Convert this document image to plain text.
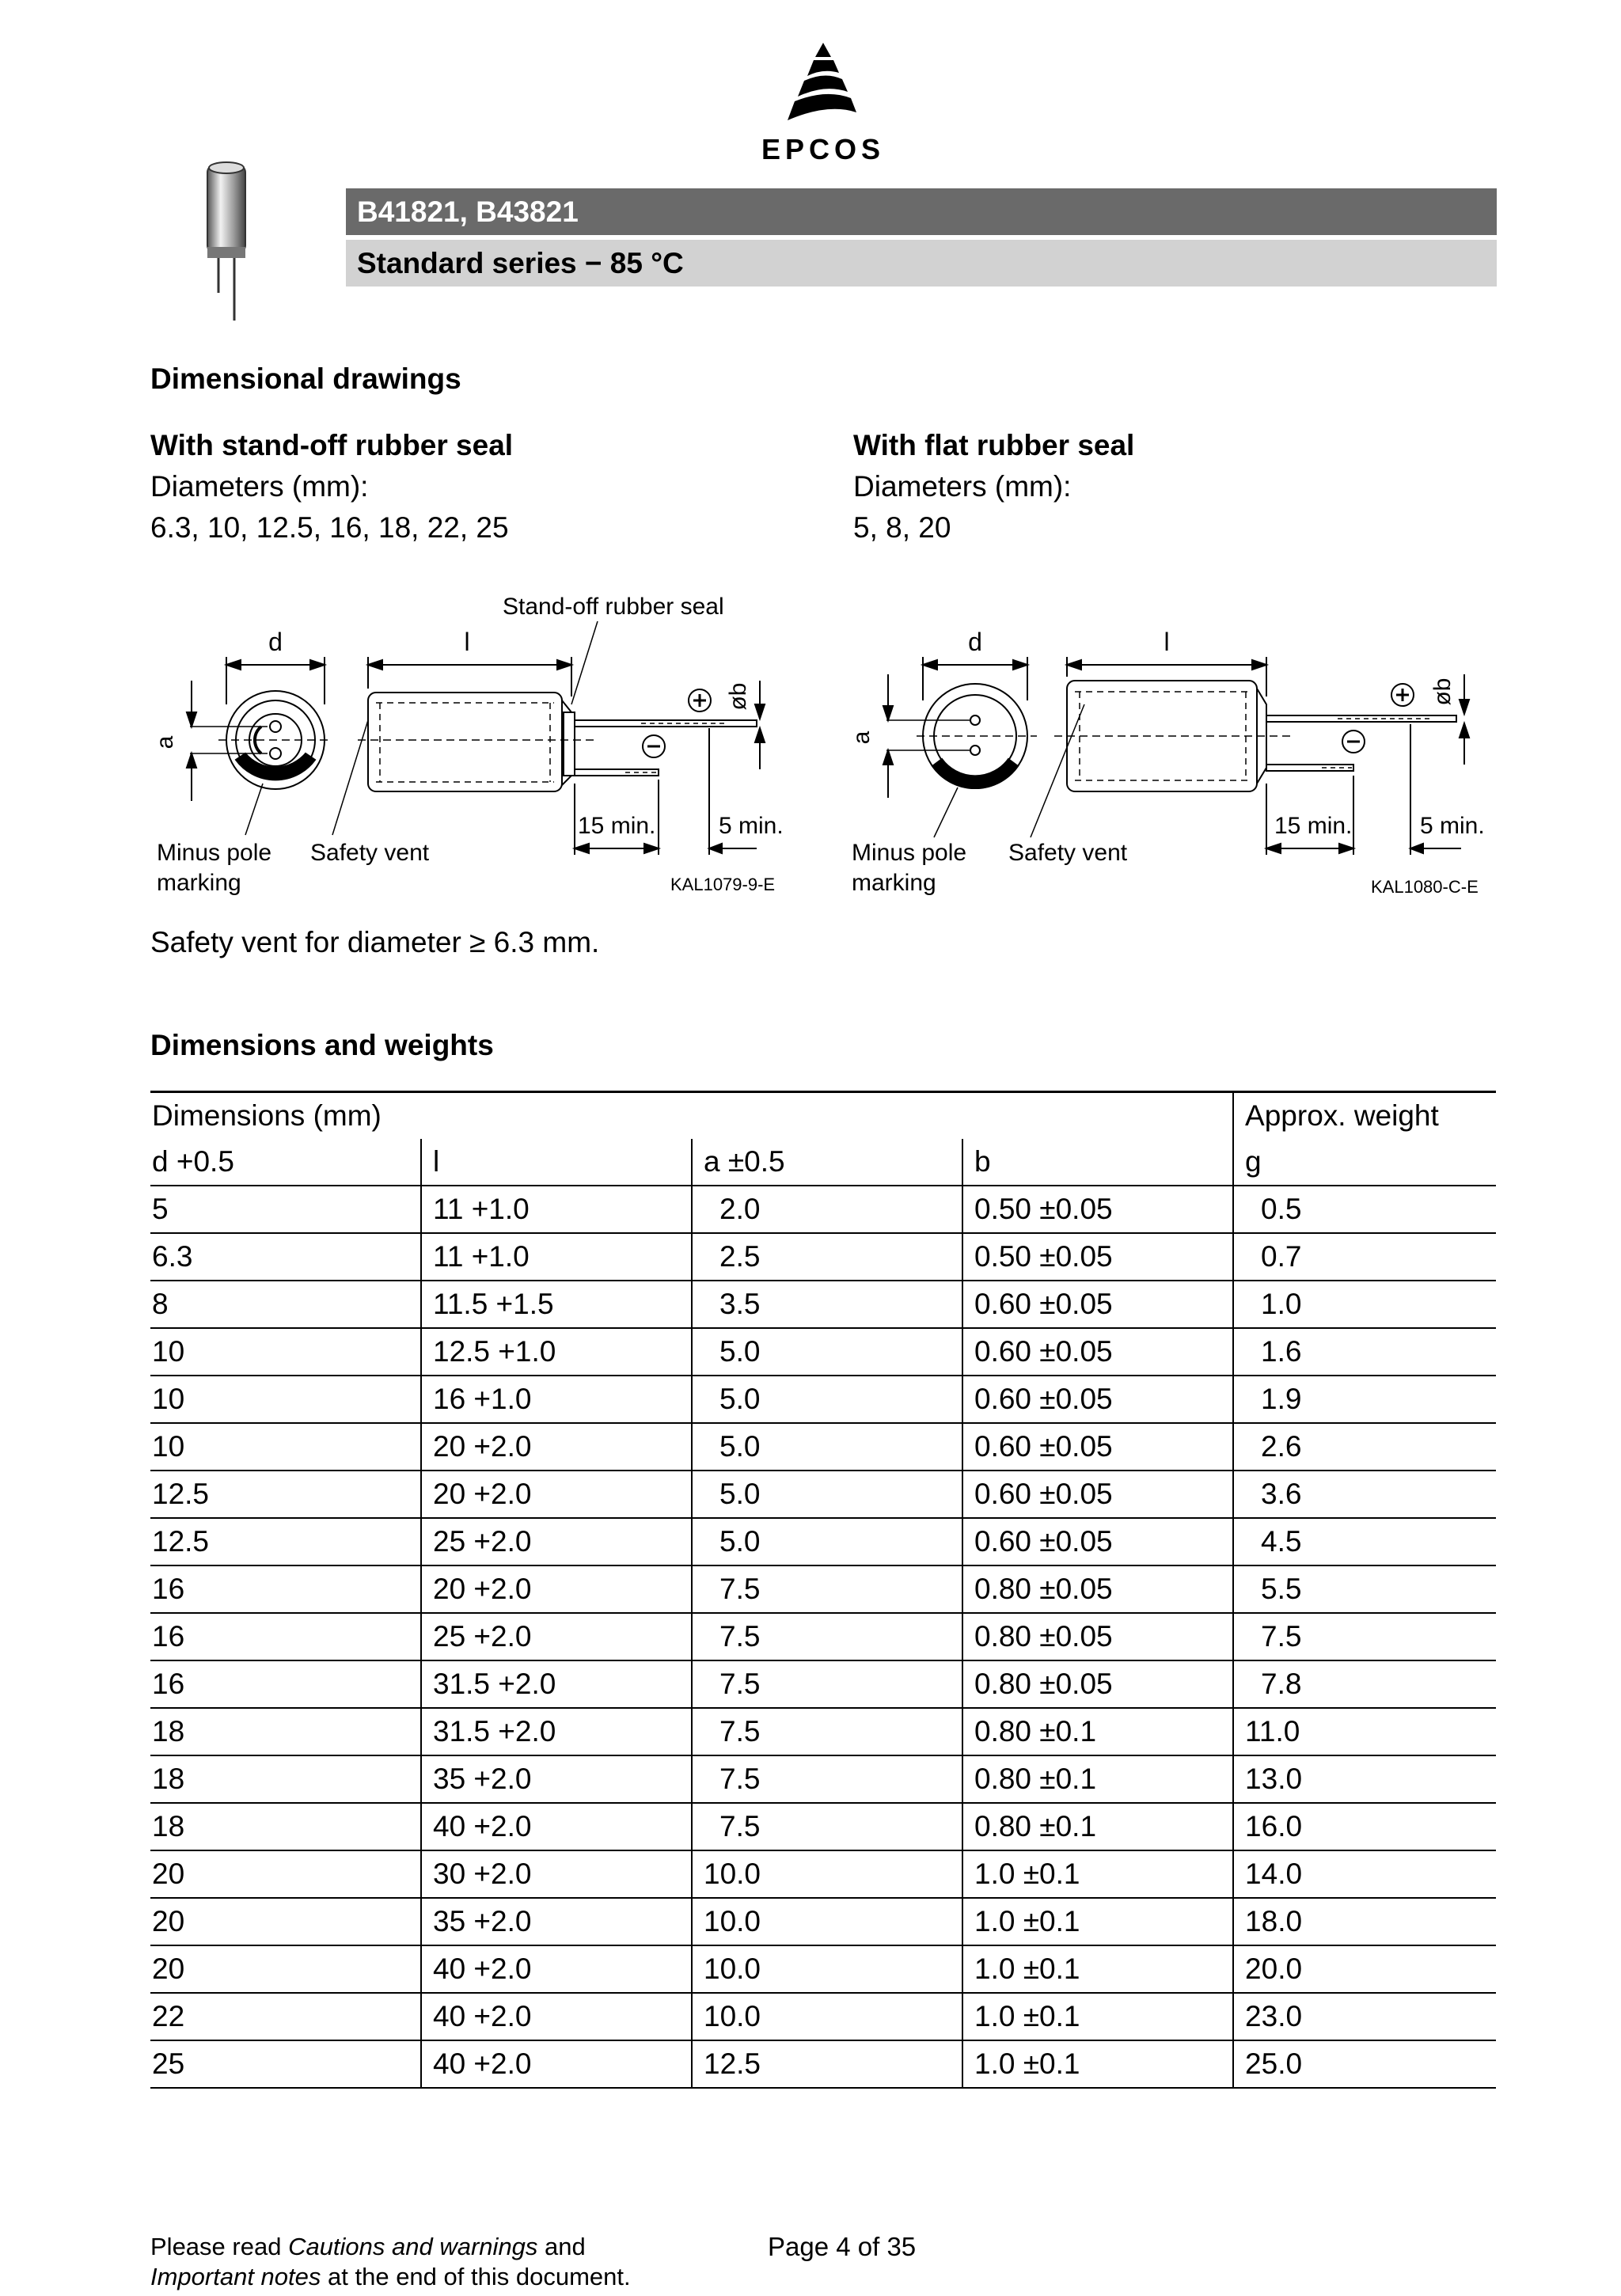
EPCOS
B41821, B43821
Standard series − 85 °C
Dimensional drawings
With stand-off rubber seal
Diameters (mm):
6.3, 10, 12.5, 16, 18, 22, 25
With flat rubber seal
Diameters (mm):
5, 8, 20
d	l
a
øb
Stand-off rubber seal
15 min.	5 min.
Minus pole
marking
Safety vent
KAL1079-9-E
d	l
a
øb
15 min.	5 min.
Minus pole
marking
Safety vent
KAL1080-C-E
Safety vent for diameter ≥ 6.3 mm.
Dimensions and weights
Dimensions (mm)				Approx. weight
d +0.5	l	a ±0.5	b	g
5	11 +1.0	2.0	0.50 ±0.05	0.5
6.3	11 +1.0	2.5	0.50 ±0.05	0.7
8	11.5 +1.5	3.5	0.60 ±0.05	1.0
10	12.5 +1.0	5.0	0.60 ±0.05	1.6
10	16 +1.0	5.0	0.60 ±0.05	1.9
10	20 +2.0	5.0	0.60 ±0.05	2.6
12.5	20 +2.0	5.0	0.60 ±0.05	3.6
12.5	25 +2.0	5.0	0.60 ±0.05	4.5
16	20 +2.0	7.5	0.80 ±0.05	5.5
16	25 +2.0	7.5	0.80 ±0.05	7.5
16	31.5 +2.0	7.5	0.80 ±0.05	7.8
18	31.5 +2.0	7.5	0.80 ±0.1	11.0
18	35 +2.0	7.5	0.80 ±0.1	13.0
18	40 +2.0	7.5	0.80 ±0.1	16.0
20	30 +2.0	10.0	1.0 ±0.1	14.0
20	35 +2.0	10.0	1.0 ±0.1	18.0
20	40 +2.0	10.0	1.0 ±0.1	20.0
22	40 +2.0	10.0	1.0 ±0.1	23.0
25	40 +2.0	12.5	1.0 ±0.1	25.0
Please read Cautions and warnings and
Important notes at the end of this document.
Page 4 of 35
